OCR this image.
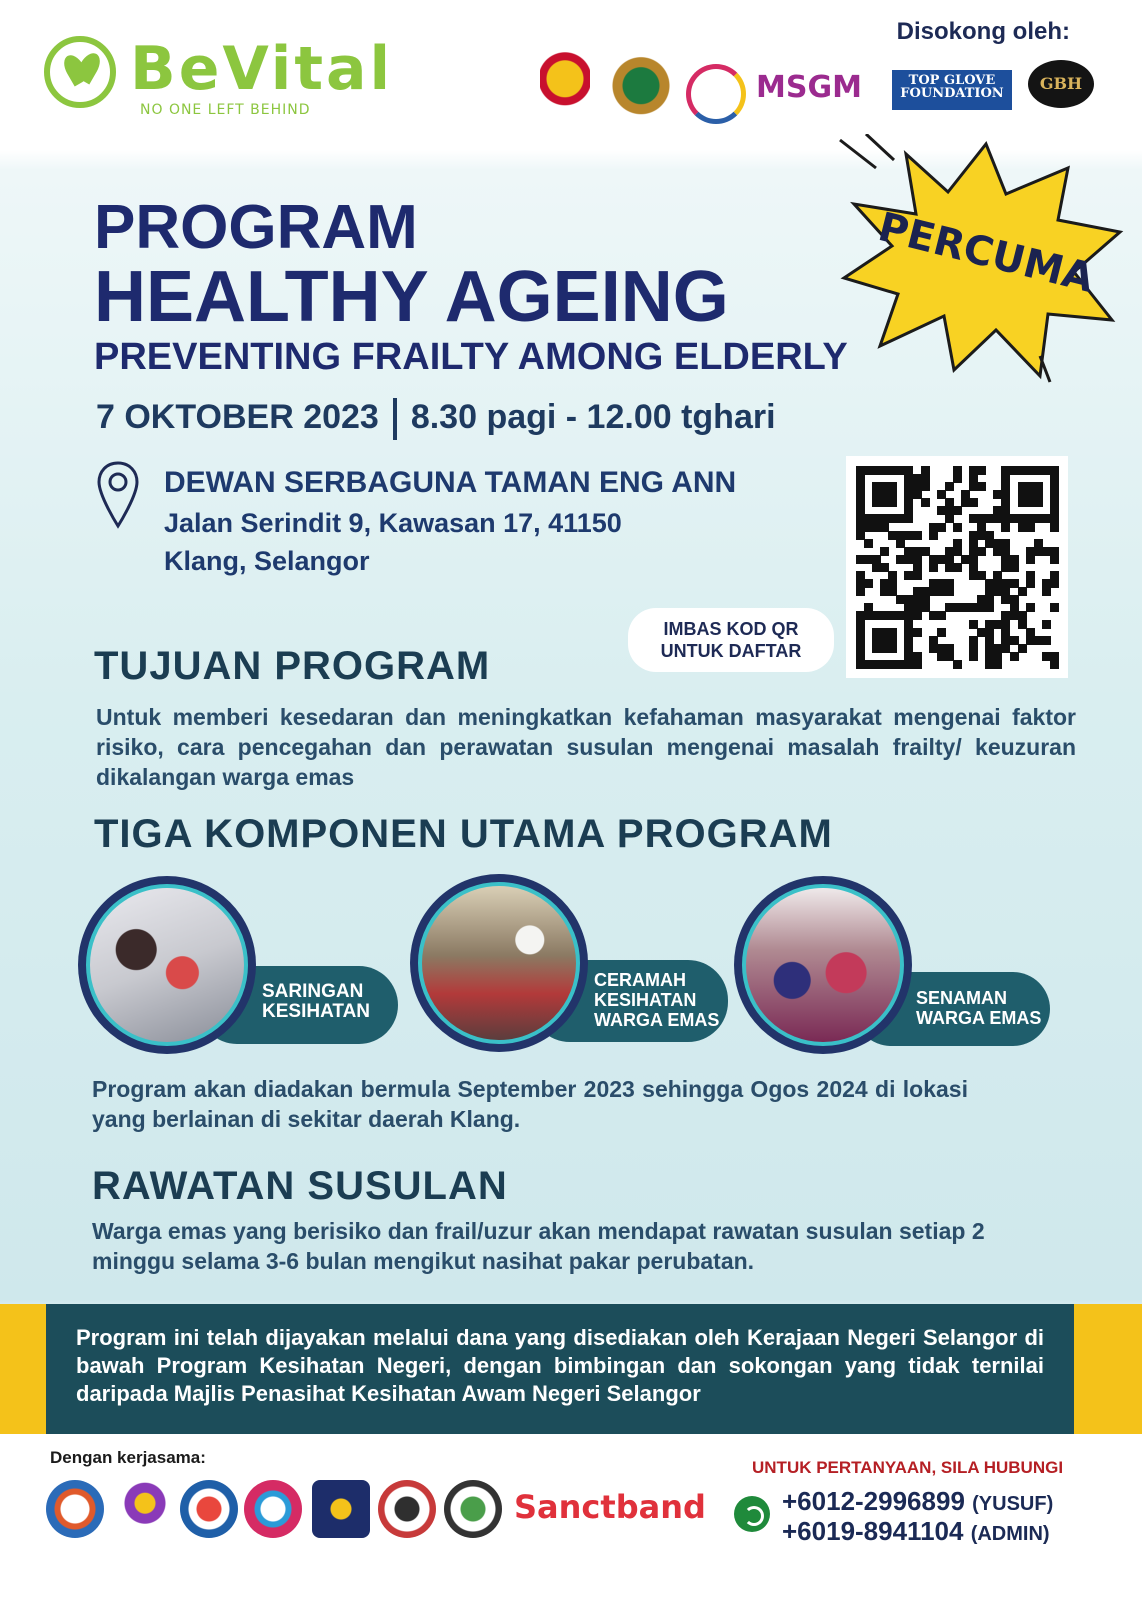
BeVital
NO ONE LEFT BEHIND
Disokong oleh:
MSGM	TOP GLOVE FOUNDATION
GBH
PROGRAM
HEALTHY AGEING
PREVENTING FRAILTY AMONG ELDERLY
PERCUMA
7 OKTOBER 2023 8.30 pagi - 12.00 tghari
DEWAN SERBAGUNA TAMAN ENG ANN
Jalan Serindit 9, Kawasan 17, 41150
Klang, Selangor
IMBAS KOD QR
UNTUK DAFTAR
TUJUAN PROGRAM
Untuk memberi kesedaran dan meningkatkan kefahaman masyarakat mengenai faktor risiko, cara pencegahan dan perawatan susulan mengenai masalah frailty/ keuzuran dikalangan warga emas
TIGA KOMPONEN UTAMA PROGRAM
SARINGAN
KESIHATAN
CERAMAH
KESIHATAN
WARGA EMAS
SENAMAN
WARGA EMAS
Program akan diadakan bermula September 2023 sehingga Ogos 2024 di lokasi yang berlainan di sekitar daerah Klang.
RAWATAN SUSULAN
Warga emas yang berisiko dan frail/uzur akan mendapat rawatan susulan setiap 2 minggu selama 3-6 bulan mengikut nasihat pakar perubatan.
Program ini telah dijayakan melalui dana yang disediakan oleh Kerajaan Negeri Selangor di bawah Program Kesihatan Negeri, dengan bimbingan dan sokongan yang tidak ternilai daripada Majlis Penasihat Kesihatan Awam Negeri Selangor
Dengan kerjasama:
Sanctband
UNTUK PERTANYAAN, SILA HUBUNGI
+6012-2996899 (YUSUF)
+6019-8941104 (ADMIN)
